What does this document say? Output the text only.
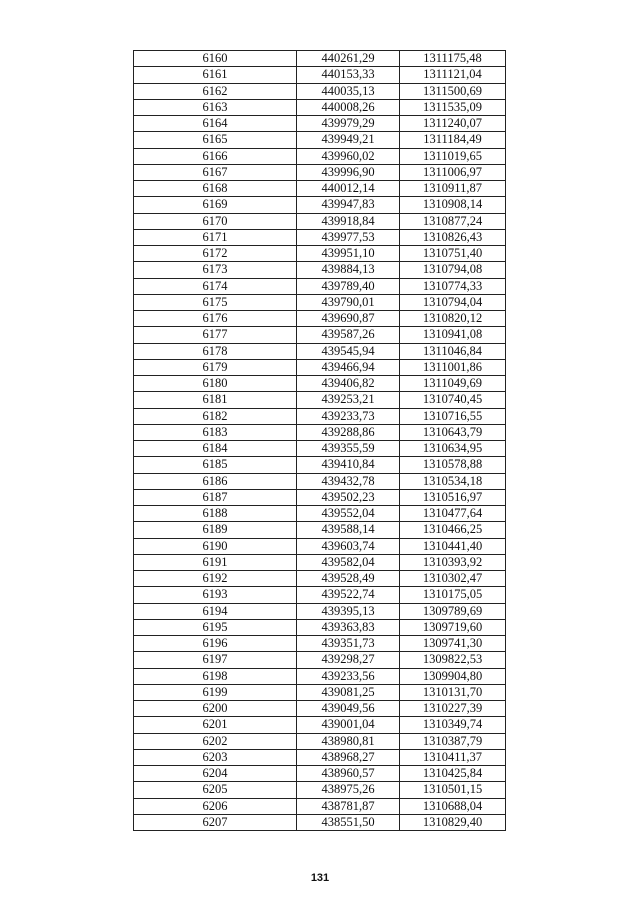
6160	440261,29	1311175,48
6161	440153,33	1311121,04
6162	440035,13	1311500,69
6163	440008,26	1311535,09
6164	439979,29	1311240,07
6165	439949,21	1311184,49
6166	439960,02	1311019,65
6167	439996,90	1311006,97
6168	440012,14	1310911,87
6169	439947,83	1310908,14
6170	439918,84	1310877,24
6171	439977,53	1310826,43
6172	439951,10	1310751,40
6173	439884,13	1310794,08
6174	439789,40	1310774,33
6175	439790,01	1310794,04
6176	439690,87	1310820,12
6177	439587,26	1310941,08
6178	439545,94	1311046,84
6179	439466,94	1311001,86
6180	439406,82	1311049,69
6181	439253,21	1310740,45
6182	439233,73	1310716,55
6183	439288,86	1310643,79
6184	439355,59	1310634,95
6185	439410,84	1310578,88
6186	439432,78	1310534,18
6187	439502,23	1310516,97
6188	439552,04	1310477,64
6189	439588,14	1310466,25
6190	439603,74	1310441,40
6191	439582,04	1310393,92
6192	439528,49	1310302,47
6193	439522,74	1310175,05
6194	439395,13	1309789,69
6195	439363,83	1309719,60
6196	439351,73	1309741,30
6197	439298,27	1309822,53
6198	439233,56	1309904,80
6199	439081,25	1310131,70
6200	439049,56	1310227,39
6201	439001,04	1310349,74
6202	438980,81	1310387,79
6203	438968,27	1310411,37
6204	438960,57	1310425,84
6205	438975,26	1310501,15
6206	438781,87	1310688,04
6207	438551,50	1310829,40
131
